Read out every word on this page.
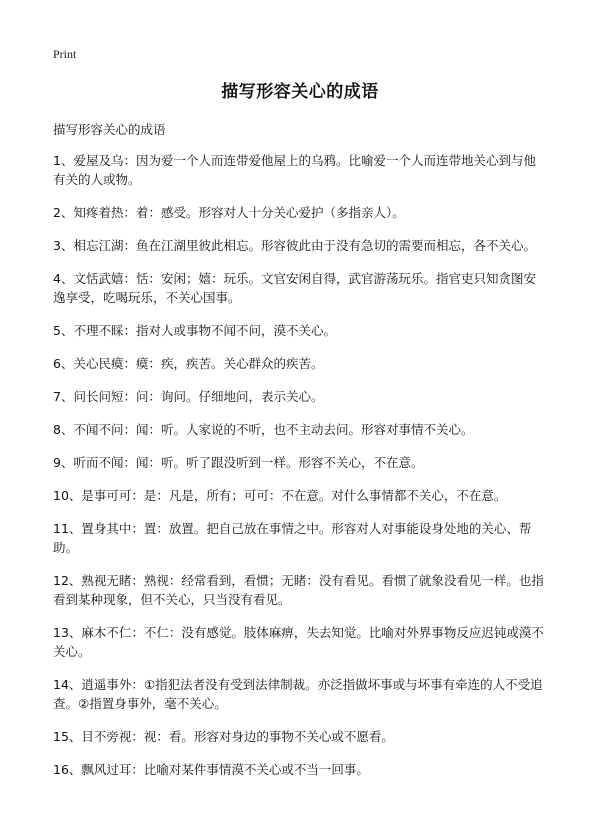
Print
描写形容关心的成语
描写形容关心的成语
1、爱屋及乌：因为爱一个人而连带爱他屋上的乌鸦。比喻爱一个人而连带地关心到与他有关的人或物。
2、知疼着热：着：感受。形容对人十分关心爱护（多指亲人）。
3、相忘江湖：鱼在江湖里彼此相忘。形容彼此由于没有急切的需要而相忘，各不关心。
4、文恬武嬉：恬：安闲；嬉：玩乐。文官安闲自得，武官游荡玩乐。指官吏只知贪图安逸享受，吃喝玩乐，不关心国事。
5、不理不睬：指对人或事物不闻不问，漠不关心。
6、关心民瘼：瘼：疾，疾苦。关心群众的疾苦。
7、问长问短：问：询问。仔细地问，表示关心。
8、不闻不问：闻：听。人家说的不听，也不主动去问。形容对事情不关心。
9、听而不闻：闻：听。听了跟没听到一样。形容不关心，不在意。
10、是事可可：是：凡是，所有；可可：不在意。对什么事情都不关心，不在意。
11、置身其中：置：放置。把自己放在事情之中。形容对人对事能设身处地的关心、帮助。
12、熟视无睹：熟视：经常看到，看惯；无睹：没有看见。看惯了就象没看见一样。也指看到某种现象，但不关心，只当没有看见。
13、麻木不仁：不仁：没有感觉。肢体麻痹，失去知觉。比喻对外界事物反应迟钝或漠不关心。
14、逍遥事外：①指犯法者没有受到法律制裁。亦泛指做坏事或与坏事有牵连的人不受追查。②指置身事外，毫不关心。
15、目不旁视：视：看。形容对身边的事物不关心或不愿看。
16、飘风过耳：比喻对某件事情漠不关心或不当一回事。
